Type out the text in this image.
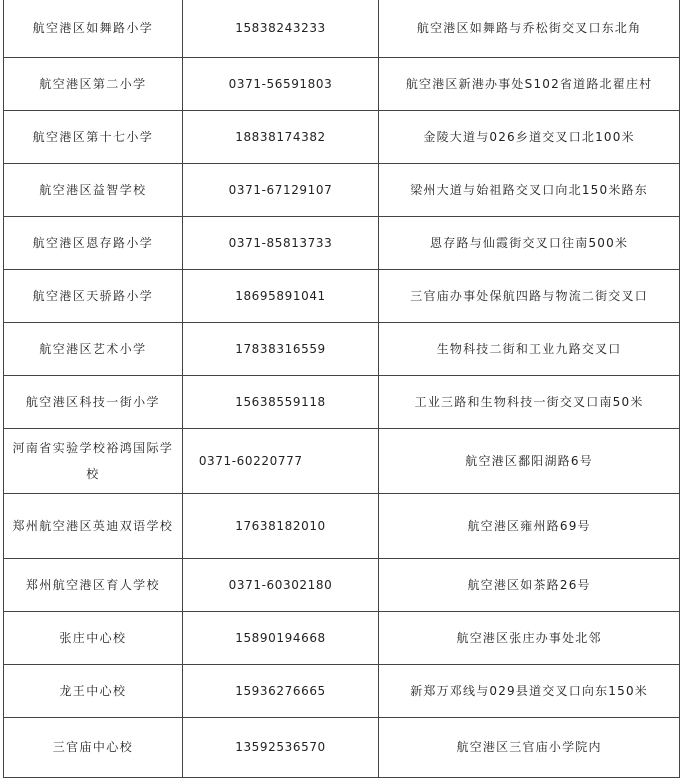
航空港区如舞路小学	15838243233	航空港区如舞路与乔松街交叉口东北角
航空港区第二小学	0371-56591803	航空港区新港办事处S102省道路北翟庄村
航空港区第十七小学	18838174382	金陵大道与026乡道交叉口北100米
航空港区益智学校	0371-67129107	梁州大道与始祖路交叉口向北150米路东
航空港区恩存路小学	0371-85813733	恩存路与仙霞街交叉口往南500米
航空港区天骄路小学	18695891041	三官庙办事处保航四路与物流二街交叉口
航空港区艺术小学	17838316559	生物科技二街和工业九路交叉口
航空港区科技一街小学	15638559118	工业三路和生物科技一街交叉口南50米
河南省实验学校裕鸿国际学校	0371-60220777	航空港区鄱阳湖路6号
郑州航空港区英迪双语学校	17638182010	航空港区雍州路69号
郑州航空港区育人学校	0371-60302180	航空港区如茶路26号
张庄中心校	15890194668	航空港区张庄办事处北邻
龙王中心校	15936276665	新郑万邓线与029县道交叉口向东150米
三官庙中心校	13592536570	航空港区三官庙小学院内
